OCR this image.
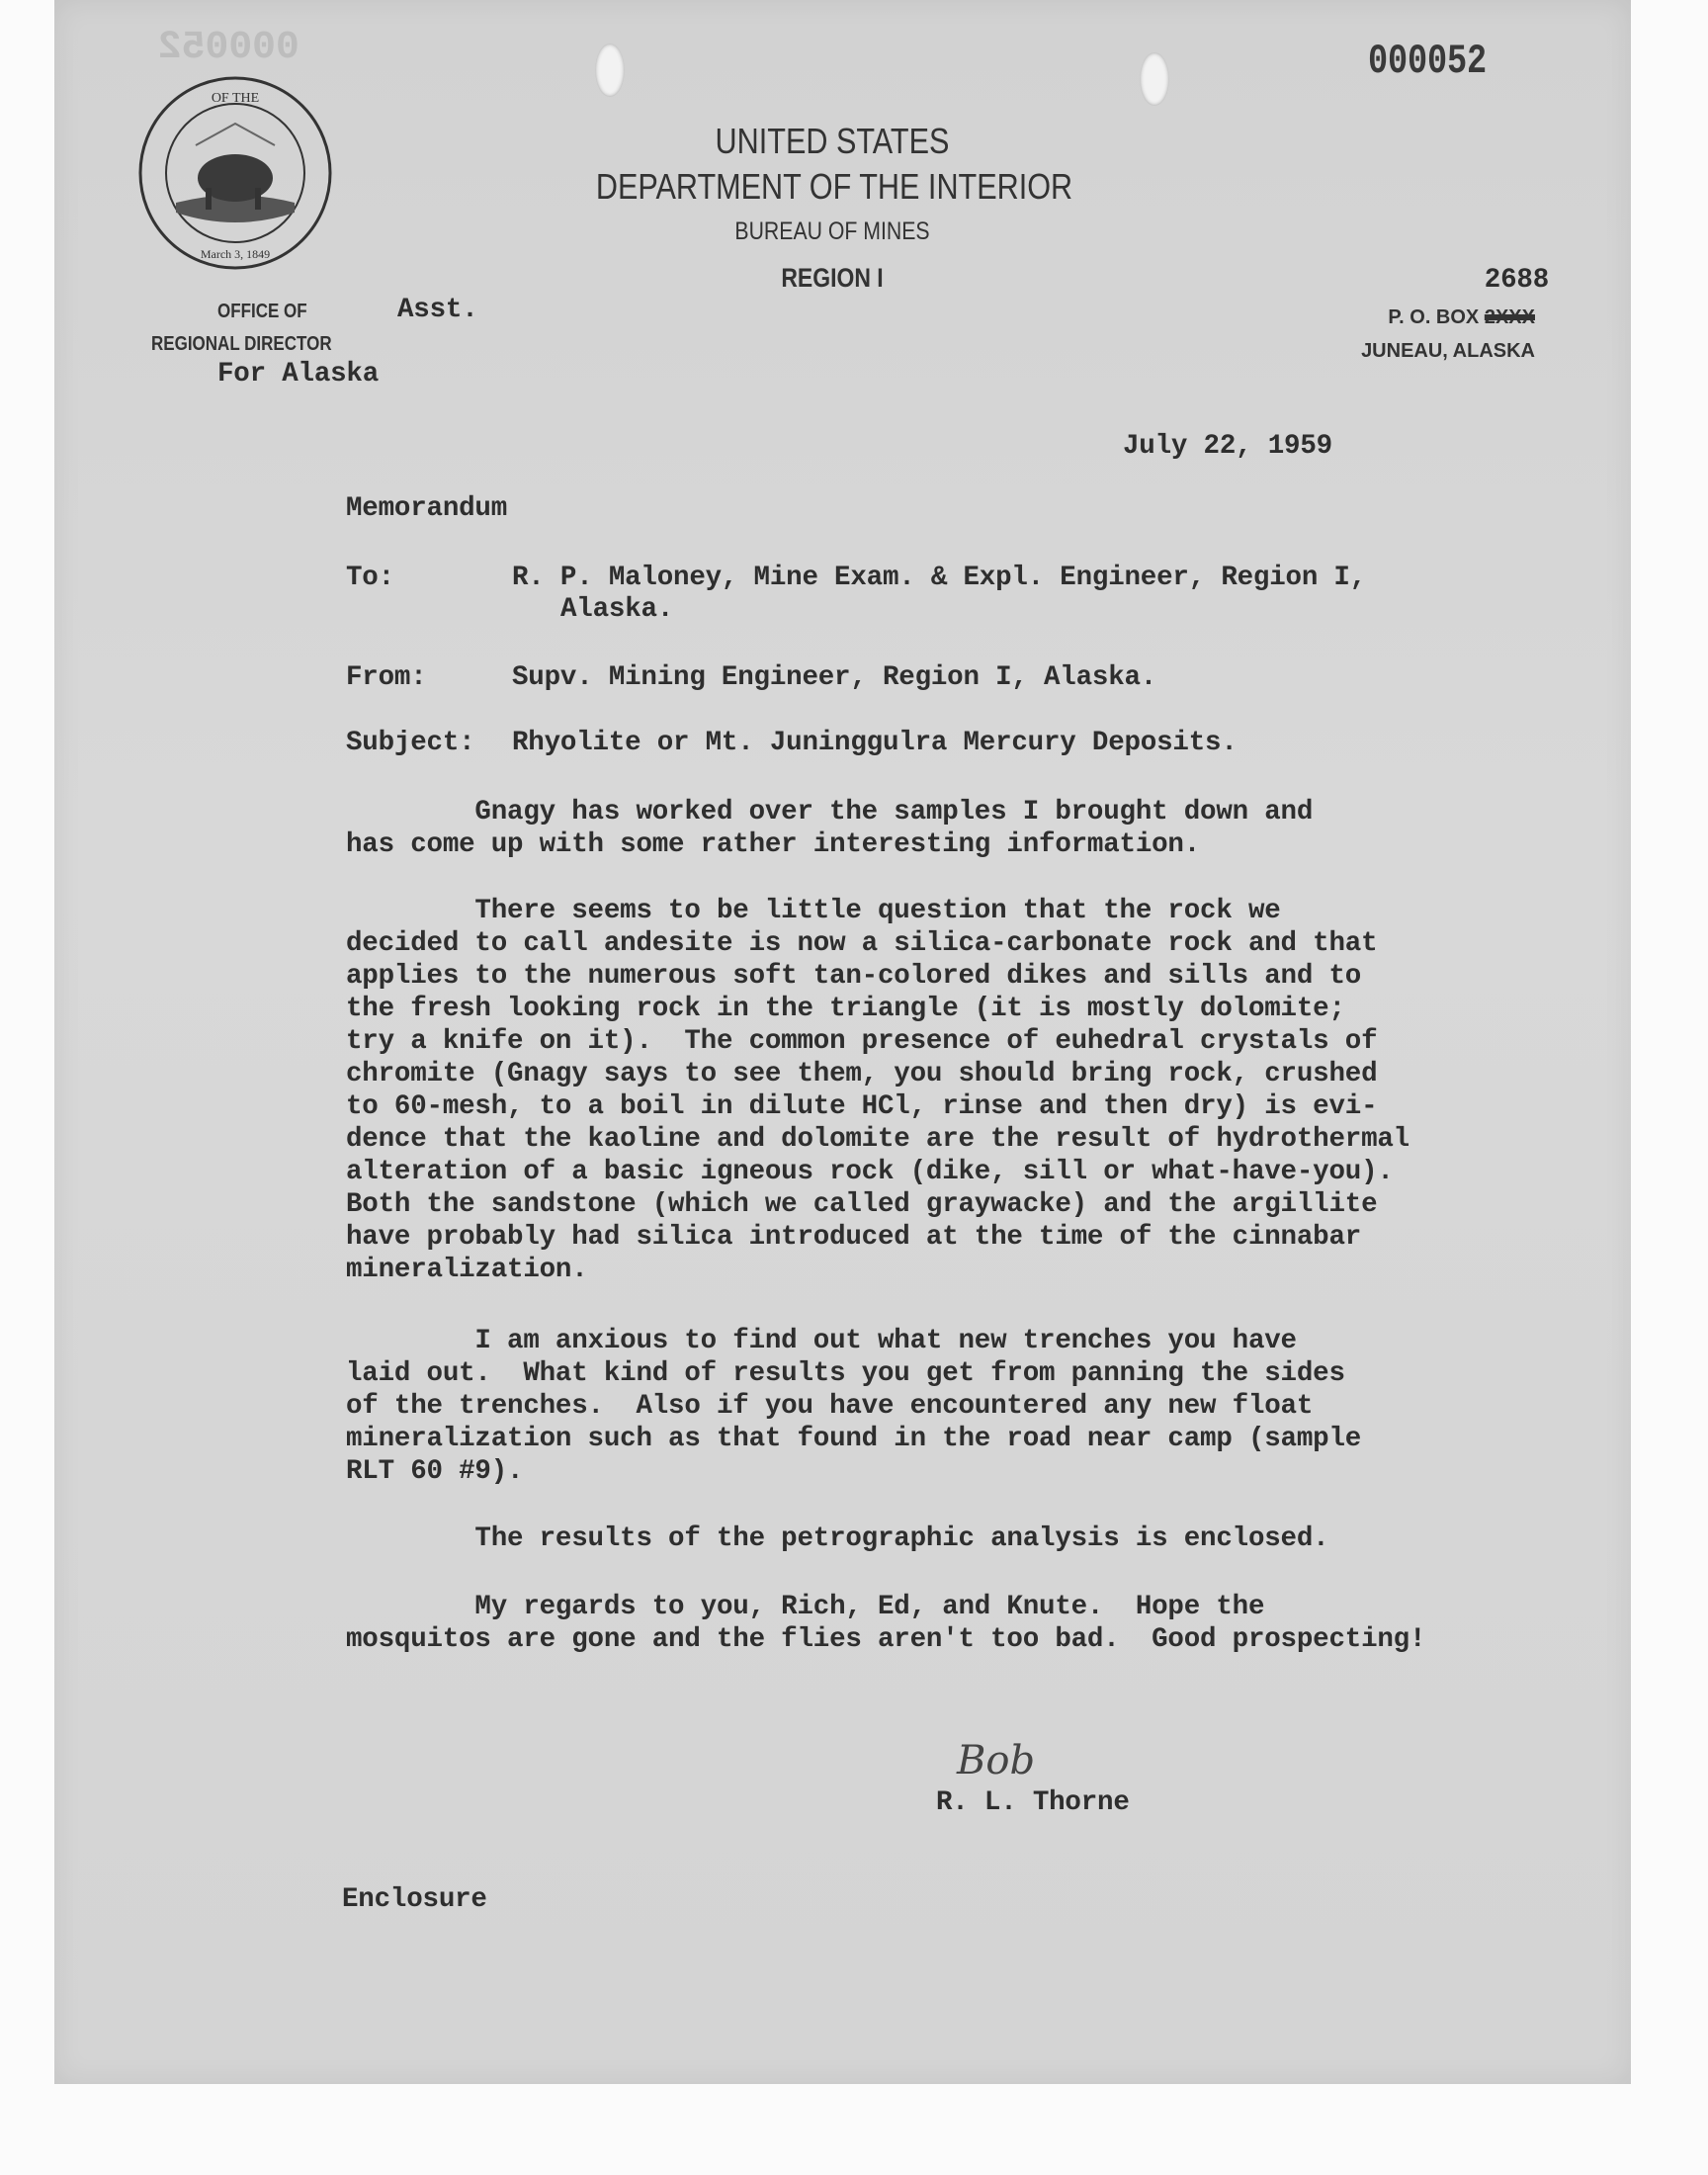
000052	000052
OF THE
March 3, 1849
UNITED STATES
DEPARTMENT OF THE INTERIOR
BUREAU OF MINES
REGION I
OFFICE OF	Asst.
REGIONAL DIRECTOR
For Alaska
2688
P. O. BOX 2XXX
JUNEAU, ALASKA
July 22, 1959
Memorandum
To:	R. P. Maloney, Mine Exam. & Expl. Engineer, Region I,
Alaska.
From:	Supv. Mining Engineer, Region I, Alaska.
Subject: Rhyolite or Mt. Juninggulra Mercury Deposits.
Gnagy has worked over the samples I brought down and
has come up with some rather interesting information.
There seems to be little question that the rock we
decided to call andesite is now a silica-carbonate rock and that
applies to the numerous soft tan-colored dikes and sills and to
the fresh looking rock in the triangle (it is mostly dolomite;
try a knife on it).  The common presence of euhedral crystals of
chromite (Gnagy says to see them, you should bring rock, crushed
to 60-mesh, to a boil in dilute HCl, rinse and then dry) is evi-
dence that the kaoline and dolomite are the result of hydrothermal
alteration of a basic igneous rock (dike, sill or what-have-you).
Both the sandstone (which we called graywacke) and the argillite
have probably had silica introduced at the time of the cinnabar
mineralization.
I am anxious to find out what new trenches you have
laid out.  What kind of results you get from panning the sides
of the trenches.  Also if you have encountered any new float
mineralization such as that found in the road near camp (sample
RLT 60 #9).
The results of the petrographic analysis is enclosed.
My regards to you, Rich, Ed, and Knute.  Hope the
mosquitos are gone and the flies aren't too bad.  Good prospecting!
Bob
R. L. Thorne
Enclosure
